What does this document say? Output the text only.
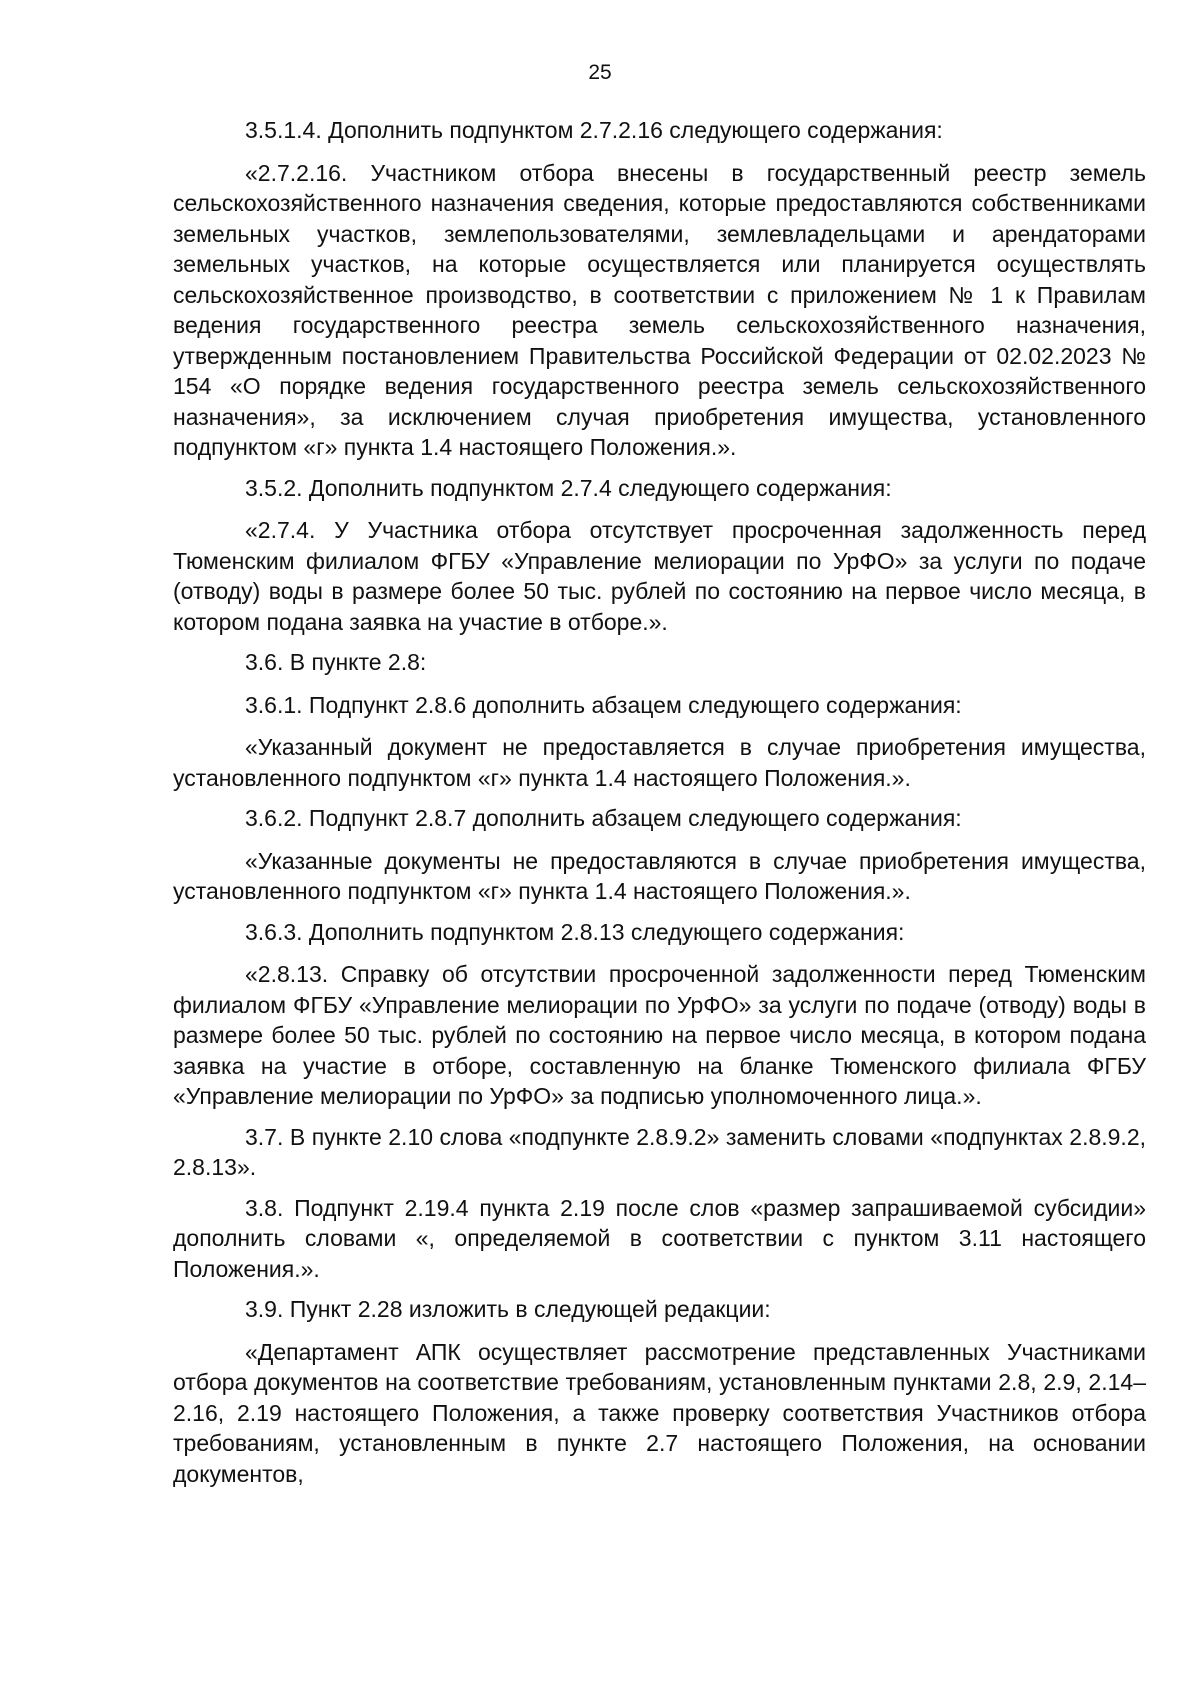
25

3.5.1.4. Дополнить подпунктом 2.7.2.16 следующего содержания:

«2.7.2.16. Участником отбора внесены в государственный реестр земель сельскохозяйственного назначения сведения, которые предоставляются собственниками земельных участков, землепользователями, землевладельцами и арендаторами земельных участков, на которые осуществляется или планируется осуществлять сельскохозяйственное производство, в соответствии с приложением № 1 к Правилам ведения государственного реестра земель сельскохозяйственного назначения, утвержденным постановлением Правительства Российской Федерации от 02.02.2023 № 154 «О порядке ведения государственного реестра земель сельскохозяйственного назначения», за исключением случая приобретения имущества, установленного подпунктом «г» пункта 1.4 настоящего Положения.».

3.5.2. Дополнить подпунктом 2.7.4 следующего содержания:

«2.7.4. У Участника отбора отсутствует просроченная задолженность перед Тюменским филиалом ФГБУ «Управление мелиорации по УрФО» за услуги по подаче (отводу) воды в размере более 50 тыс. рублей по состоянию на первое число месяца, в котором подана заявка на участие в отборе.».

3.6. В пункте 2.8:

3.6.1. Подпункт 2.8.6 дополнить абзацем следующего содержания:

«Указанный документ не предоставляется в случае приобретения имущества, установленного подпунктом «г» пункта 1.4 настоящего Положения.».

3.6.2. Подпункт 2.8.7 дополнить абзацем следующего содержания:

«Указанные документы не предоставляются в случае приобретения имущества, установленного подпунктом «г» пункта 1.4 настоящего Положения.».

3.6.3. Дополнить подпунктом 2.8.13 следующего содержания:

«2.8.13. Справку об отсутствии просроченной задолженности перед Тюменским филиалом ФГБУ «Управление мелиорации по УрФО» за услуги по подаче (отводу) воды в размере более 50 тыс. рублей по состоянию на первое число месяца, в котором подана заявка на участие в отборе, составленную на бланке Тюменского филиала ФГБУ «Управление мелиорации по УрФО» за подписью уполномоченного лица.».

3.7. В пункте 2.10 слова «подпункте 2.8.9.2» заменить словами «подпунктах 2.8.9.2, 2.8.13».

3.8. Подпункт 2.19.4 пункта 2.19 после слов «размер запрашиваемой субсидии» дополнить словами «, определяемой в соответствии с пунктом 3.11 настоящего Положения.».

3.9. Пункт 2.28 изложить в следующей редакции:

«Департамент АПК осуществляет рассмотрение представленных Участниками отбора документов на соответствие требованиям, установленным пунктами 2.8, 2.9, 2.14–2.16, 2.19 настоящего Положения, а также проверку соответствия Участников отбора требованиям, установленным в пункте 2.7 настоящего Положения, на основании документов,
